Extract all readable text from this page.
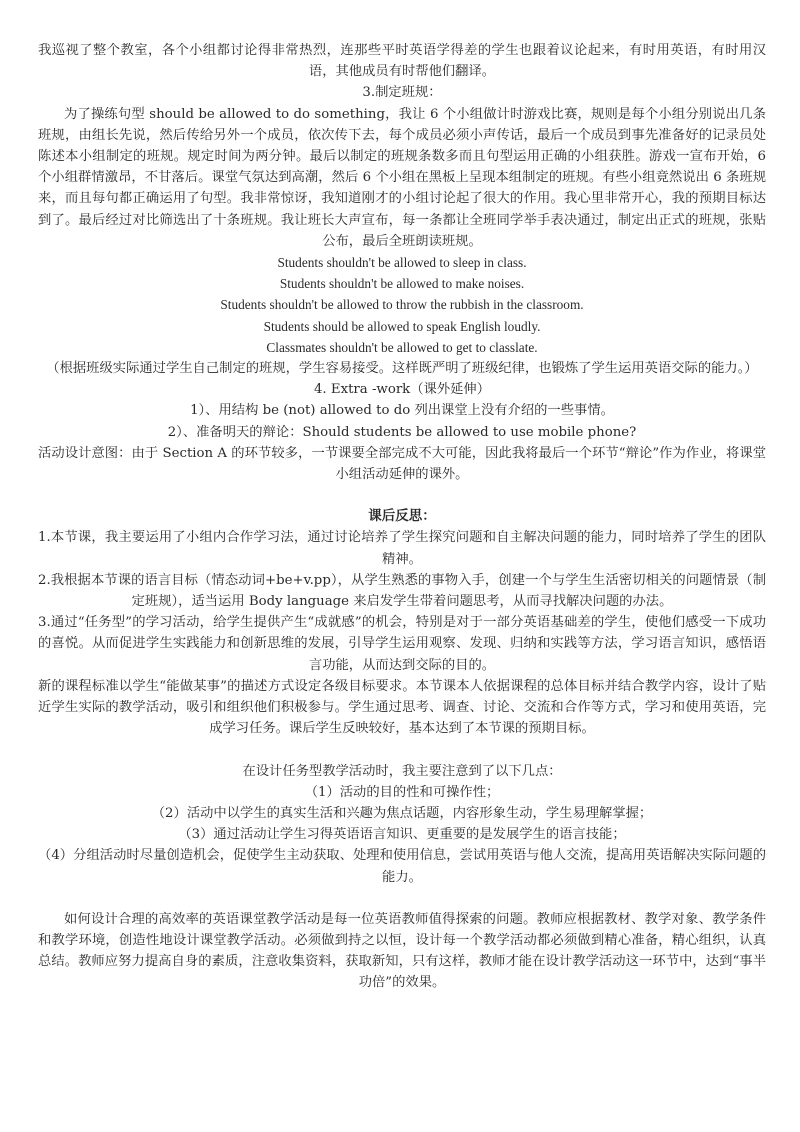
我巡视了整个教室，各个小组都讨论得非常热烈，连那些平时英语学得差的学生也跟着议论起来，有时用英语，有时用汉语，其他成员有时帮他们翻译。

3.制定班规：

为了操练句型 should be allowed to do something，我让 6 个小组做计时游戏比赛，规则是每个小组分别说出几条班规，由组长先说，然后传给另外一个成员，依次传下去，每个成员必须小声传话，最后一个成员到事先准备好的记录员处陈述本小组制定的班规。规定时间为两分钟。最后以制定的班规条数多而且句型运用正确的小组获胜。游戏一宣布开始，6 个小组群情激昂，不甘落后。课堂气氛达到高潮，然后 6 个小组在黑板上呈现本组制定的班规。有些小组竟然说出 6 条班规来，而且每句都正确运用了句型。我非常惊讶，我知道刚才的小组讨论起了很大的作用。我心里非常开心，我的预期目标达到了。最后经过对比筛选出了十条班规。我让班长大声宣布，每一条都让全班同学举手表决通过，制定出正式的班规，张贴公布，最后全班朗读班规。

Students shouldn't be allowed to sleep in class.

Students shouldn't be allowed to make noises.

Students shouldn't be allowed to throw the rubbish in the classroom.

Students should be allowed to speak English loudly.

Classmates shouldn't be allowed to get to classlate.

（根据班级实际通过学生自己制定的班规，学生容易接受。这样既严明了班级纪律，也锻炼了学生运用英语交际的能力。）

4. Extra -work（课外延伸）

1）、用结构 be (not) allowed to do 列出课堂上没有介绍的一些事情。

2）、准备明天的辩论：Should students be allowed to use mobile phone?

活动设计意图：由于 Section A 的环节较多，一节课要全部完成不大可能，因此我将最后一个环节“辩论”作为作业，将课堂小组活动延伸的课外。

课后反思：

1.本节课，我主要运用了小组内合作学习法，通过讨论培养了学生探究问题和自主解决问题的能力，同时培养了学生的团队精神。

2.我根据本节课的语言目标（情态动词+be+v.pp），从学生熟悉的事物入手，创建一个与学生生活密切相关的问题情景（制定班规），适当运用 Body language 来启发学生带着问题思考，从而寻找解决问题的办法。

3.通过“任务型”的学习活动，给学生提供产生“成就感”的机会，特别是对于一部分英语基础差的学生，使他们感受一下成功的喜悦。从而促进学生实践能力和创新思维的发展，引导学生运用观察、发现、归纳和实践等方法，学习语言知识，感悟语言功能，从而达到交际的目的。

新的课程标准以学生“能做某事”的描述方式设定各级目标要求。本节课本人依据课程的总体目标并结合教学内容，设计了贴近学生实际的教学活动，吸引和组织他们积极参与。学生通过思考、调查、讨论、交流和合作等方式，学习和使用英语，完成学习任务。课后学生反映较好，基本达到了本节课的预期目标。

在设计任务型教学活动时，我主要注意到了以下几点：

（1）活动的目的性和可操作性；

（2）活动中以学生的真实生活和兴趣为焦点话题，内容形象生动，学生易理解掌握；

（3）通过活动让学生习得英语语言知识、更重要的是发展学生的语言技能；

（4）分组活动时尽量创造机会，促使学生主动获取、处理和使用信息，尝试用英语与他人交流，提高用英语解决实际问题的能力。

如何设计合理的高效率的英语课堂教学活动是每一位英语教师值得探索的问题。教师应根据教材、教学对象、教学条件和教学环境，创造性地设计课堂教学活动。必须做到持之以恒，设计每一个教学活动都必须做到精心准备，精心组织，认真总结。教师应努力提高自身的素质，注意收集资料，获取新知，只有这样，教师才能在设计教学活动这一环节中，达到“事半功倍”的效果。
